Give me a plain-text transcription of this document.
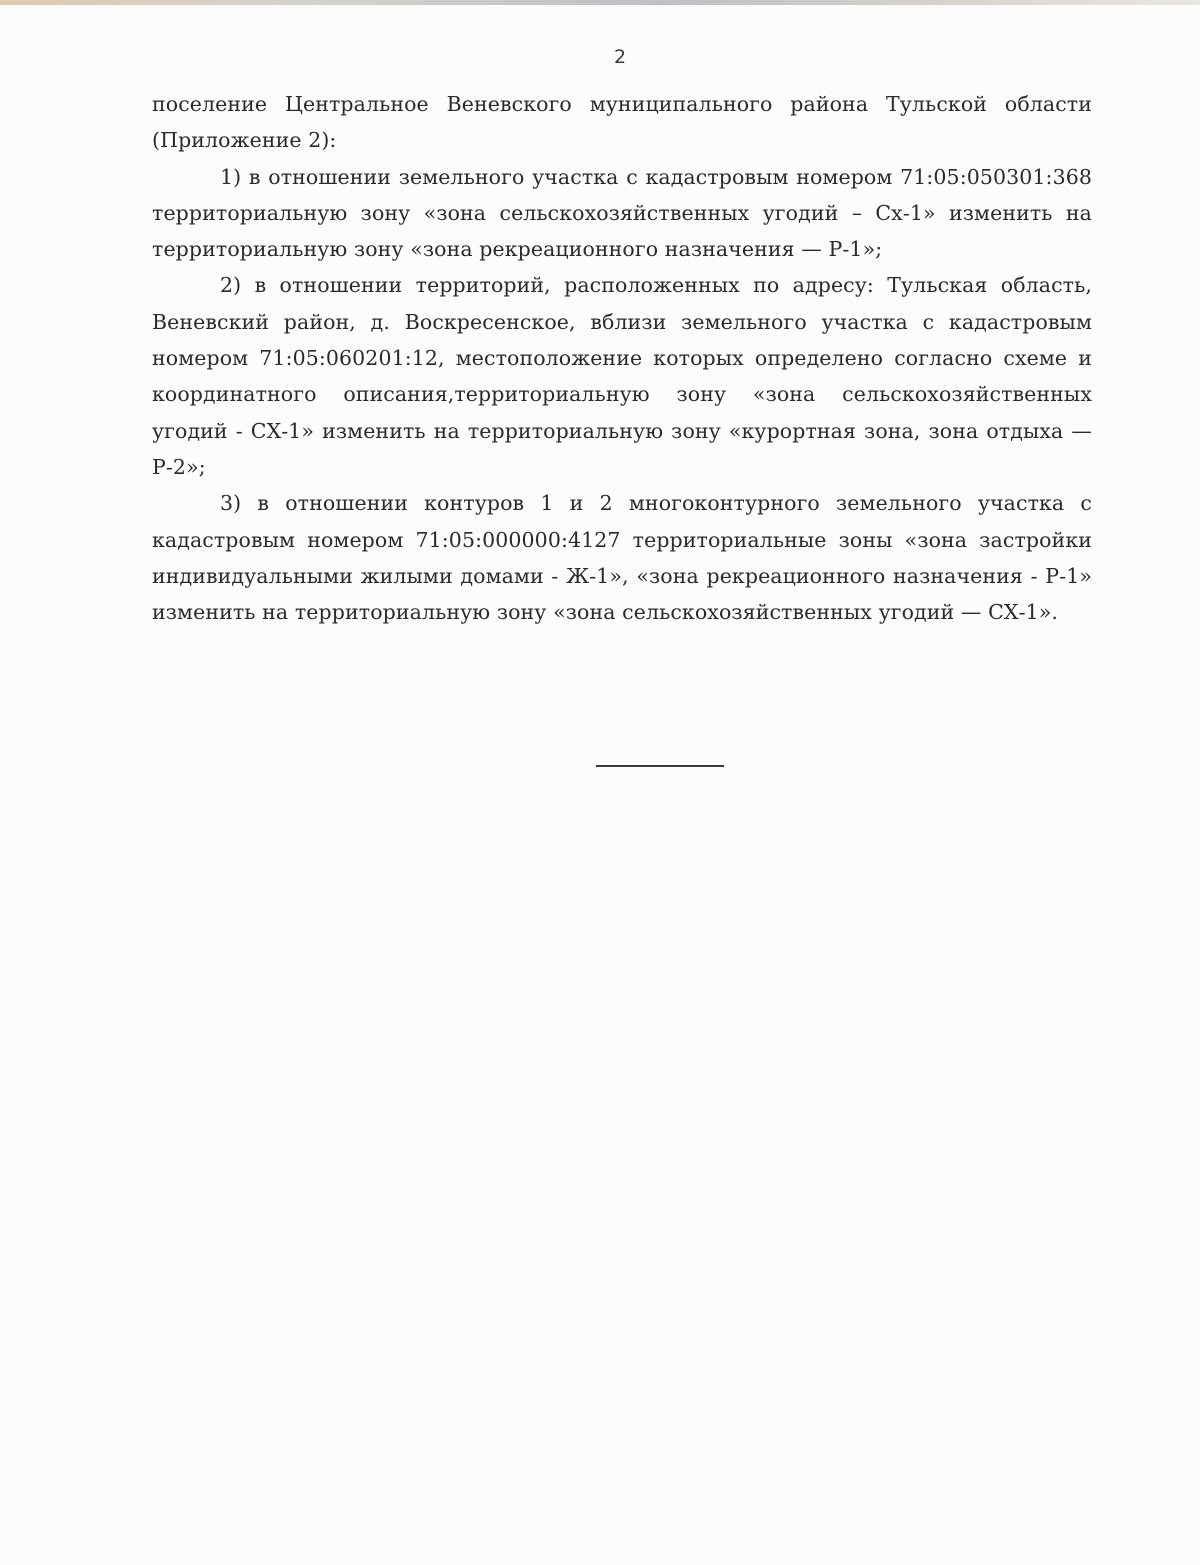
2

поселение Центральное Веневского муниципального района Тульской области (Приложение 2):

1) в отношении земельного участка с кадастровым номером 71:05:050301:368 территориальную зону «зона сельскохозяйственных угодий – Сх-1» изменить на территориальную зону «зона рекреационного назначения — Р-1»;

2) в отношении территорий, расположенных по адресу: Тульская область, Веневский район, д. Воскресенское, вблизи земельного участка с кадастровым номером 71:05:060201:12, местоположение которых определено согласно схеме и координатного описания,территориальную зону «зона сельскохозяйственных угодий - СХ-1» изменить на территориальную зону «курортная зона, зона отдыха — Р-2»;

3) в отношении контуров 1 и 2 многоконтурного земельного участка с кадастровым номером 71:05:000000:4127 территориальные зоны «зона застройки индивидуальными жилыми домами - Ж-1», «зона рекреационного назначения - Р-1» изменить на территориальную зону «зона сельскохозяйственных угодий — СХ-1».
